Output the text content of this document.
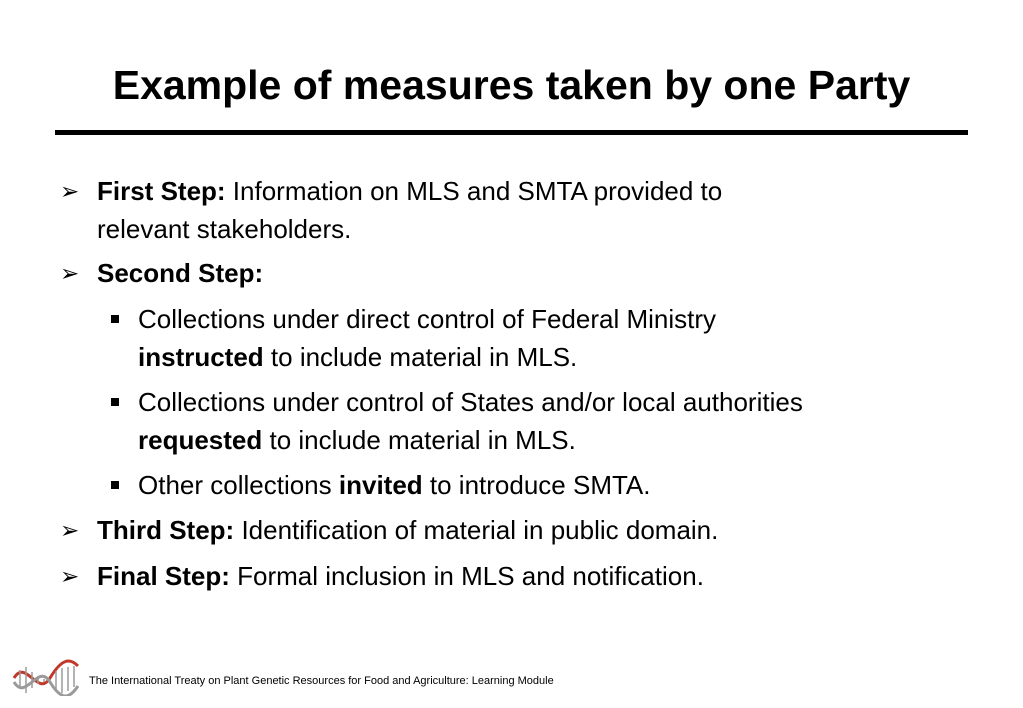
Example of measures taken by one Party
➢ First Step: Information on MLS and SMTA provided to
relevant stakeholders.
➢ Second Step:
Collections under direct control of Federal Ministry
instructed to include material in MLS.
Collections under control of States and/or local authorities
requested to include material in MLS.
Other collections invited to introduce SMTA.
➢ Third Step: Identification of material in public domain.
➢ Final Step: Formal inclusion in MLS and notification.
The International Treaty on Plant Genetic Resources for Food and Agriculture: Learning Module
